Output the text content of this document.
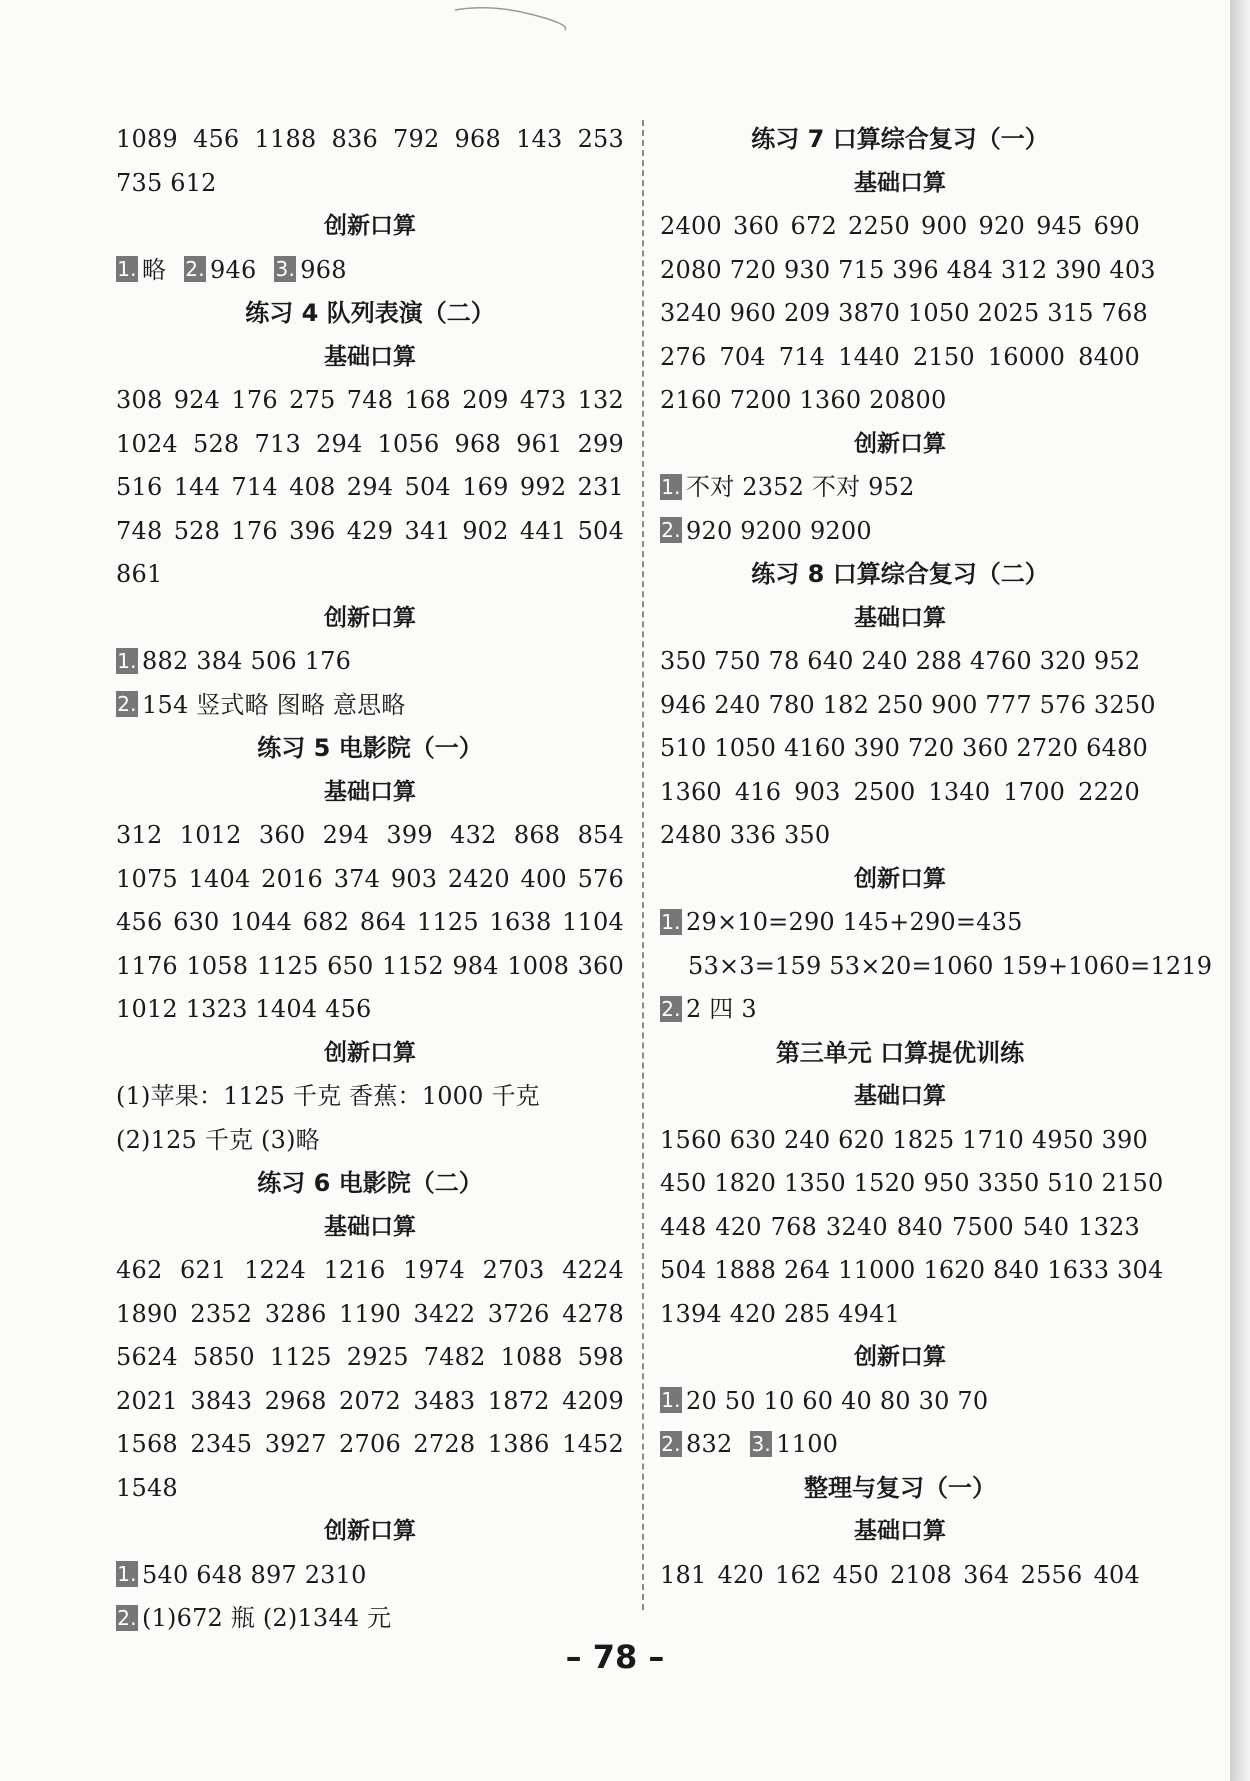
1089 456 1188 836 792 968 143 253
735 612
创新口算
1. 略 2. 946 3. 968
练习 4 队列表演（二）
基础口算
308 924 176 275 748 168 209 473 132
1024 528 713 294 1056 968 961 299
516 144 714 408 294 504 169 992 231
748 528 176 396 429 341 902 441 504
861
创新口算
1. 882 384 506 176
2. 154 竖式略 图略 意思略
练习 5 电影院（一）
基础口算
312 1012 360 294 399 432 868 854
1075 1404 2016 374 903 2420 400 576
456 630 1044 682 864 1125 1638 1104
1176 1058 1125 650 1152 984 1008 360
1012 1323 1404 456
创新口算
(1)苹果：1125 千克 香蕉：1000 千克
(2)125 千克 (3)略
练习 6 电影院（二）
基础口算
462 621 1224 1216 1974 2703 4224
1890 2352 3286 1190 3422 3726 4278
5624 5850 1125 2925 7482 1088 598
2021 3843 2968 2072 3483 1872 4209
1568 2345 3927 2706 2728 1386 1452
1548
创新口算
1. 540 648 897 2310
2. (1)672 瓶 (2)1344 元
练习 7 口算综合复习（一）
基础口算
2400 360 672 2250 900 920 945 690
2080 720 930 715 396 484 312 390 403
3240 960 209 3870 1050 2025 315 768
276 704 714 1440 2150 16000 8400
2160 7200 1360 20800
创新口算
1. 不对 2352 不对 952
2. 920 9200 9200
练习 8 口算综合复习（二）
基础口算
350 750 78 640 240 288 4760 320 952
946 240 780 182 250 900 777 576 3250
510 1050 4160 390 720 360 2720 6480
1360 416 903 2500 1340 1700 2220
2480 336 350
创新口算
1. 29×10=290 145+290=435
53×3=159 53×20=1060 159+1060=1219
2. 2 四 3
第三单元 口算提优训练
基础口算
1560 630 240 620 1825 1710 4950 390
450 1820 1350 1520 950 3350 510 2150
448 420 768 3240 840 7500 540 1323
504 1888 264 11000 1620 840 1633 304
1394 420 285 4941
创新口算
1. 20 50 10 60 40 80 30 70
2. 832 3. 1100
整理与复习（一）
基础口算
181 420 162 450 2108 364 2556 404
– 78 –
